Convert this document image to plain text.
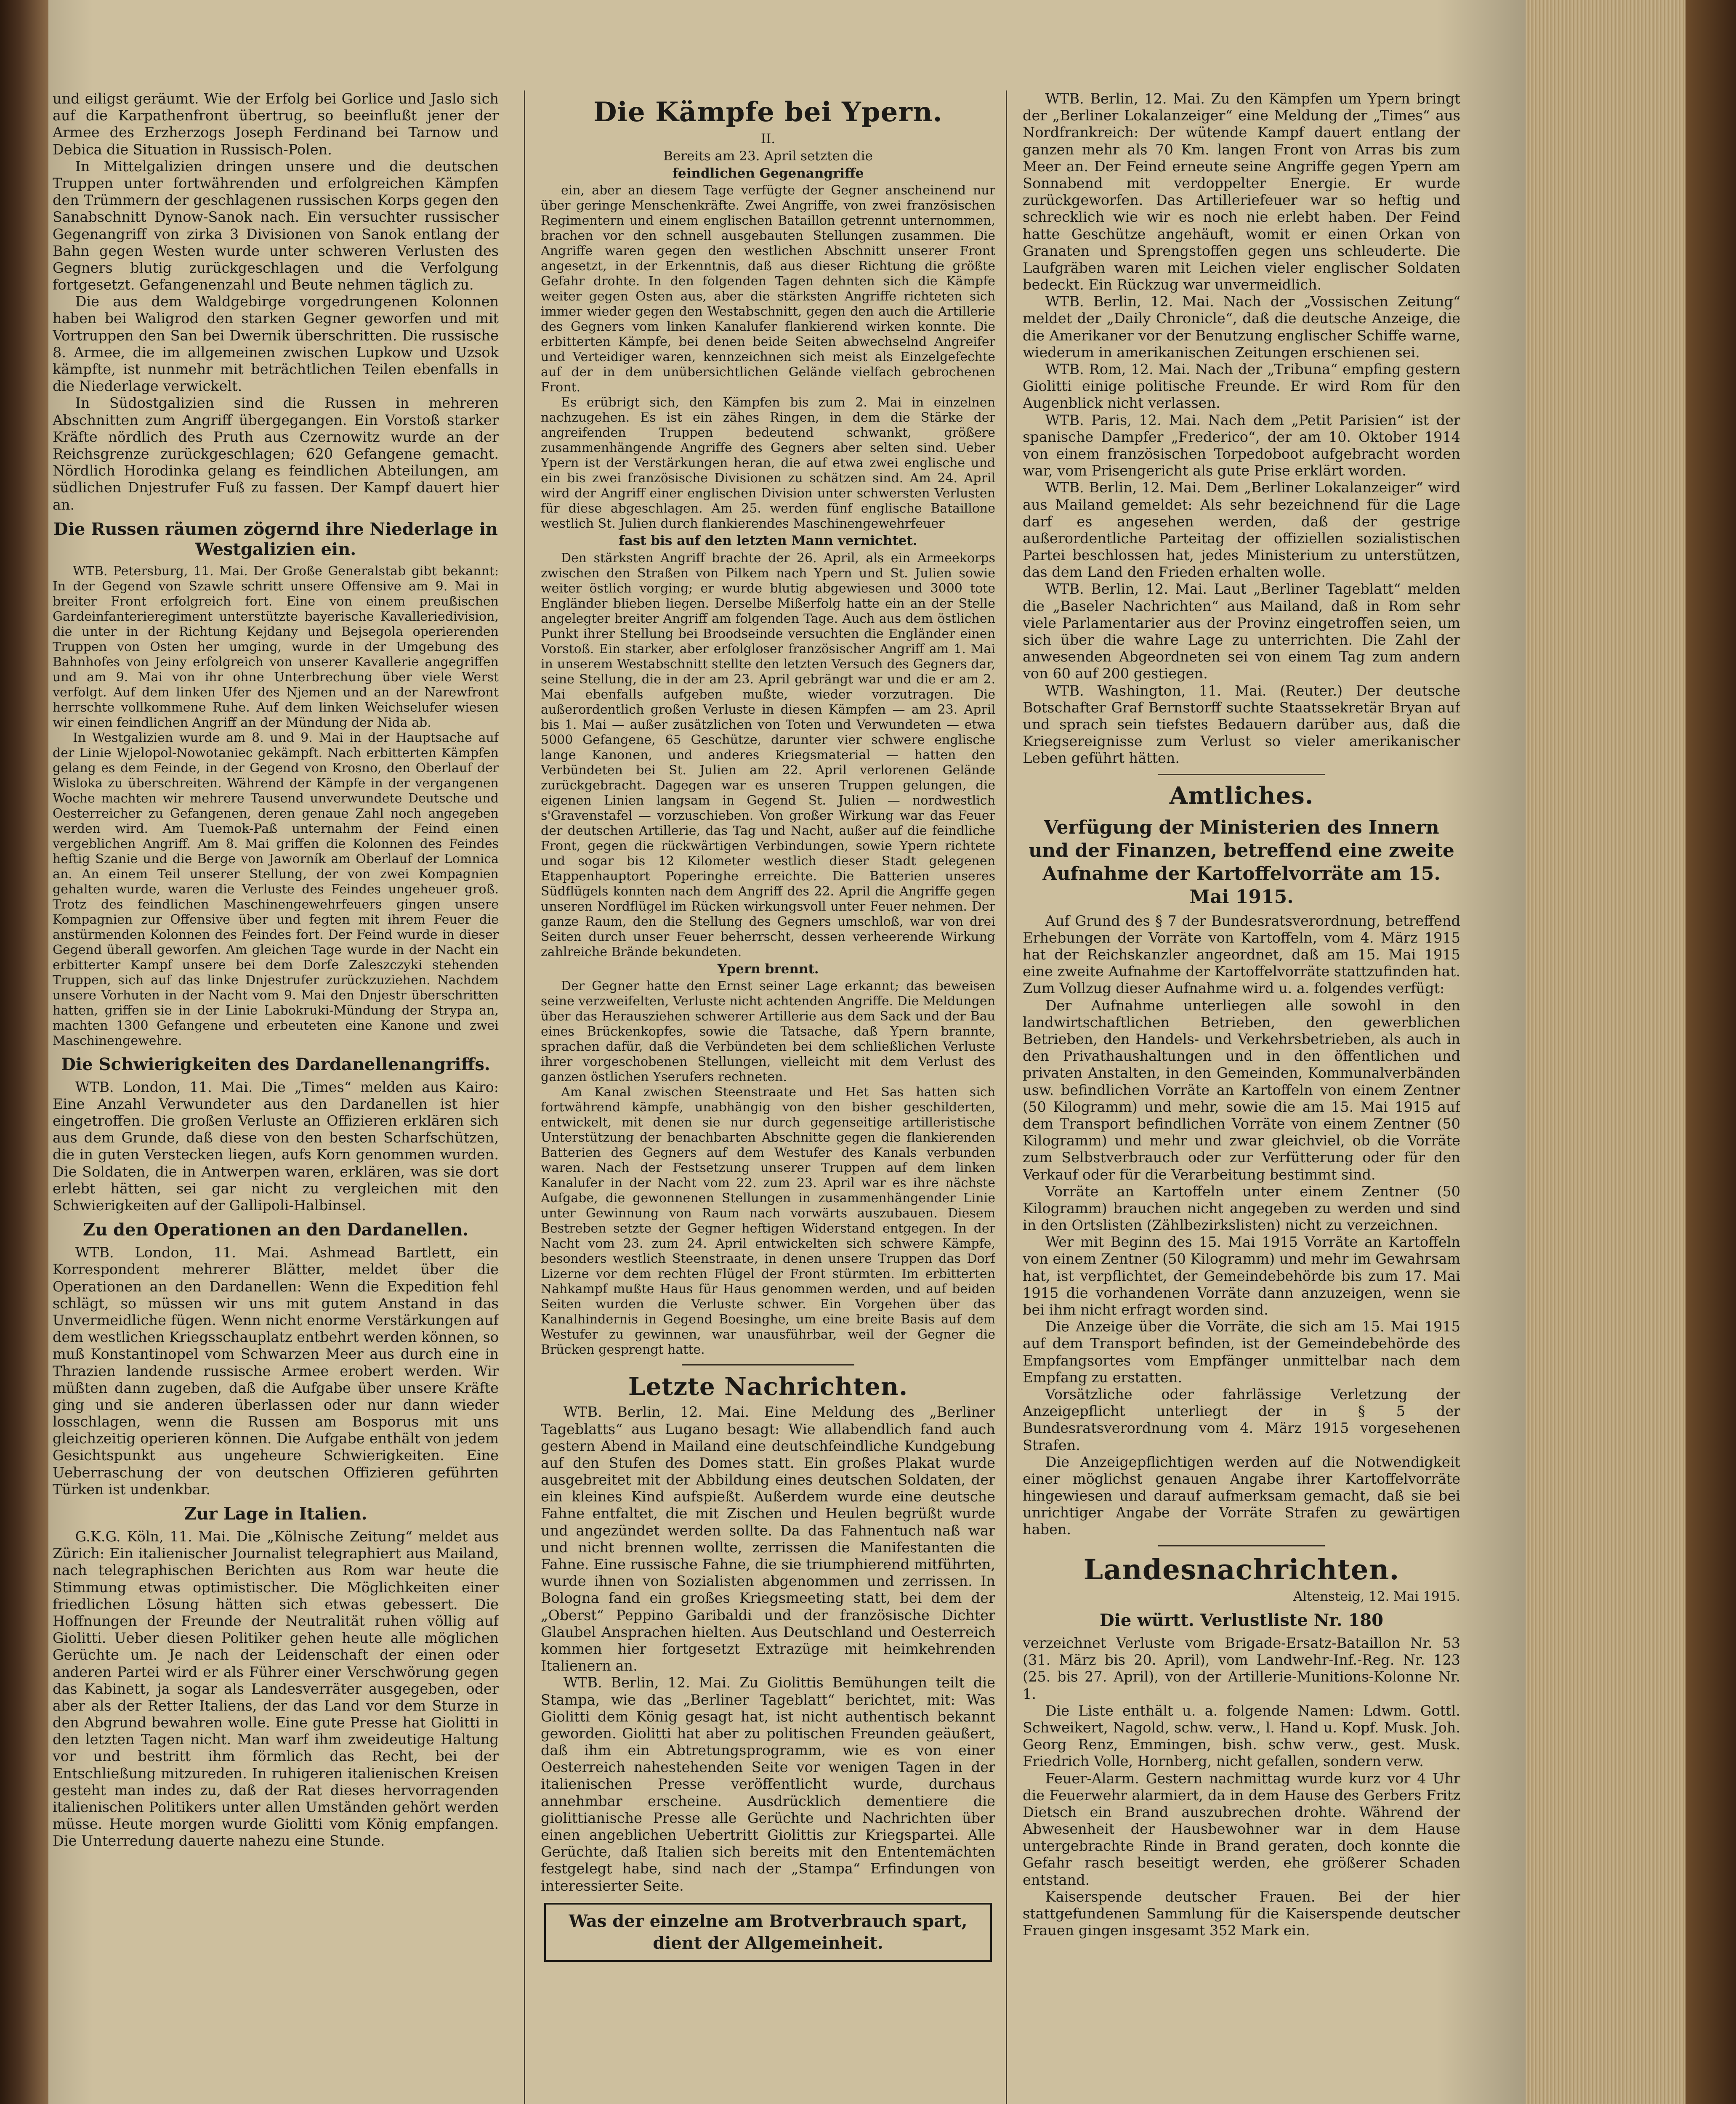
und eiligst geräumt. Wie der Erfolg bei Gorlice und Jaslo sich auf die Karpathenfront übertrug, so beeinflußt jener der Armee des Erzherzogs Joseph Ferdinand bei Tarnow und Debica die Situation in Russisch-Polen.

In Mittelgalizien dringen unsere und die deutschen Truppen unter fortwährenden und erfolgreichen Kämpfen den Trümmern der geschlagenen russischen Korps gegen den Sanabschnitt Dynow-Sanok nach. Ein versuchter russischer Gegenangriff von zirka 3 Divisionen von Sanok entlang der Bahn gegen Westen wurde unter schweren Verlusten des Gegners blutig zurückgeschlagen und die Verfolgung fortgesetzt. Gefangenenzahl und Beute nehmen täglich zu.

Die aus dem Waldgebirge vorgedrungenen Kolonnen haben bei Waligrod den starken Gegner geworfen und mit Vortruppen den San bei Dwernik überschritten. Die russische 8. Armee, die im allgemeinen zwischen Lupkow und Uzsok kämpfte, ist nunmehr mit beträchtlichen Teilen ebenfalls in die Niederlage verwickelt.

In Südostgalizien sind die Russen in mehreren Abschnitten zum Angriff übergegangen. Ein Vorstoß starker Kräfte nördlich des Pruth aus Czernowitz wurde an der Reichsgrenze zurückgeschlagen; 620 Gefangene gemacht. Nördlich Horodinka gelang es feindlichen Abteilungen, am südlichen Dnjestrufer Fuß zu fassen. Der Kampf dauert hier an.

Die Russen räumen zögernd ihre Niederlage in Westgalizien ein.

WTB. Petersburg, 11. Mai. Der Große Generalstab gibt bekannt: In der Gegend von Szawle schritt unsere Offensive am 9. Mai in breiter Front erfolgreich fort. Eine von einem preußischen Gardeinfanterieregiment unterstützte bayerische Kavalleriedivision, die unter in der Richtung Kejdany und Bejsegola operierenden Truppen von Osten her umging, wurde in der Umgebung des Bahnhofes von Jeiny erfolgreich von unserer Kavallerie angegriffen und am 9. Mai von ihr ohne Unterbrechung über viele Werst verfolgt. Auf dem linken Ufer des Njemen und an der Narewfront herrschte vollkommene Ruhe. Auf dem linken Weichselufer wiesen wir einen feindlichen Angriff an der Mündung der Nida ab.

In Westgalizien wurde am 8. und 9. Mai in der Hauptsache auf der Linie Wjelopol-Nowotaniec gekämpft. Nach erbitterten Kämpfen gelang es dem Feinde, in der Gegend von Krosno, den Oberlauf der Wisloka zu überschreiten. Während der Kämpfe in der vergangenen Woche machten wir mehrere Tausend unverwundete Deutsche und Oesterreicher zu Gefangenen, deren genaue Zahl noch angegeben werden wird. Am Tuemok-Paß unternahm der Feind einen vergeblichen Angriff. Am 8. Mai griffen die Kolonnen des Feindes heftig Szanie und die Berge von Jaworník am Oberlauf der Lomnica an. An einem Teil unserer Stellung, der von zwei Kompagnien gehalten wurde, waren die Verluste des Feindes ungeheuer groß. Trotz des feindlichen Maschinengewehrfeuers gingen unsere Kompagnien zur Offensive über und fegten mit ihrem Feuer die anstürmenden Kolonnen des Feindes fort. Der Feind wurde in dieser Gegend überall geworfen. Am gleichen Tage wurde in der Nacht ein erbitterter Kampf unsere bei dem Dorfe Zaleszczyki stehenden Truppen, sich auf das linke Dnjestrufer zurückzuziehen. Nachdem unsere Vorhuten in der Nacht vom 9. Mai den Dnjestr überschritten hatten, griffen sie in der Linie Labokruki-Mündung der Strypa an, machten 1300 Gefangene und erbeuteten eine Kanone und zwei Maschinengewehre.

Die Schwierigkeiten des Dardanellenangriffs.

WTB. London, 11. Mai. Die „Times“ melden aus Kairo: Eine Anzahl Verwundeter aus den Dardanellen ist hier eingetroffen. Die großen Verluste an Offizieren erklären sich aus dem Grunde, daß diese von den besten Scharfschützen, die in guten Verstecken liegen, aufs Korn genommen wurden. Die Soldaten, die in Antwerpen waren, erklären, was sie dort erlebt hätten, sei gar nicht zu vergleichen mit den Schwierigkeiten auf der Gallipoli-Halbinsel.

Zu den Operationen an den Dardanellen.

WTB. London, 11. Mai. Ashmead Bartlett, ein Korrespondent mehrerer Blätter, meldet über die Operationen an den Dardanellen: Wenn die Expedition fehl schlägt, so müssen wir uns mit gutem Anstand in das Unvermeidliche fügen. Wenn nicht enorme Verstärkungen auf dem westlichen Kriegsschauplatz entbehrt werden können, so muß Konstantinopel vom Schwarzen Meer aus durch eine in Thrazien landende russische Armee erobert werden. Wir müßten dann zugeben, daß die Aufgabe über unsere Kräfte ging und sie anderen überlassen oder nur dann wieder losschlagen, wenn die Russen am Bosporus mit uns gleichzeitig operieren können. Die Aufgabe enthält von jedem Gesichtspunkt aus ungeheure Schwierigkeiten. Eine Ueberraschung der von deutschen Offizieren geführten Türken ist undenkbar.

Zur Lage in Italien.

G.K.G. Köln, 11. Mai. Die „Kölnische Zeitung“ meldet aus Zürich: Ein italienischer Journalist telegraphiert aus Mailand, nach telegraphischen Berichten aus Rom war heute die Stimmung etwas optimistischer. Die Möglichkeiten einer friedlichen Lösung hätten sich etwas gebessert. Die Hoffnungen der Freunde der Neutralität ruhen völlig auf Giolitti. Ueber diesen Politiker gehen heute alle möglichen Gerüchte um. Je nach der Leidenschaft der einen oder anderen Partei wird er als Führer einer Verschwörung gegen das Kabinett, ja sogar als Landesverräter ausgegeben, oder aber als der Retter Italiens, der das Land vor dem Sturze in den Abgrund bewahren wolle. Eine gute Presse hat Giolitti in den letzten Tagen nicht. Man warf ihm zweideutige Haltung vor und bestritt ihm förmlich das Recht, bei der Entschließung mitzureden. In ruhigeren italienischen Kreisen gesteht man indes zu, daß der Rat dieses hervorragenden italienischen Politikers unter allen Umständen gehört werden müsse. Heute morgen wurde Giolitti vom König empfangen. Die Unterredung dauerte nahezu eine Stunde.

Die Kämpfe bei Ypern.
II.
Bereits am 23. April setzten die
feindlichen Gegenangriffe

ein, aber an diesem Tage verfügte der Gegner anscheinend nur über geringe Menschenkräfte. Zwei Angriffe, von zwei französischen Regimentern und einem englischen Bataillon getrennt unternommen, brachen vor den schnell ausgebauten Stellungen zusammen. Die Angriffe waren gegen den westlichen Abschnitt unserer Front angesetzt, in der Erkenntnis, daß aus dieser Richtung die größte Gefahr drohte. In den folgenden Tagen dehnten sich die Kämpfe weiter gegen Osten aus, aber die stärksten Angriffe richteten sich immer wieder gegen den Westabschnitt, gegen den auch die Artillerie des Gegners vom linken Kanalufer flankierend wirken konnte. Die erbitterten Kämpfe, bei denen beide Seiten abwechselnd Angreifer und Verteidiger waren, kennzeichnen sich meist als Einzelgefechte auf der in dem unübersichtlichen Gelände vielfach gebrochenen Front.

Es erübrigt sich, den Kämpfen bis zum 2. Mai in einzelnen nachzugehen. Es ist ein zähes Ringen, in dem die Stärke der angreifenden Truppen bedeutend schwankt, größere zusammenhängende Angriffe des Gegners aber selten sind. Ueber Ypern ist der Verstärkungen heran, die auf etwa zwei englische und ein bis zwei französische Divisionen zu schätzen sind. Am 24. April wird der Angriff einer englischen Division unter schwersten Verlusten für diese abgeschlagen. Am 25. werden fünf englische Bataillone westlich St. Julien durch flankierendes Maschinengewehrfeuer

fast bis auf den letzten Mann vernichtet.

Den stärksten Angriff brachte der 26. April, als ein Armeekorps zwischen den Straßen von Pilkem nach Ypern und St. Julien sowie weiter östlich vorging; er wurde blutig abgewiesen und 3000 tote Engländer blieben liegen. Derselbe Mißerfolg hatte ein an der Stelle angelegter breiter Angriff am folgenden Tage. Auch aus dem östlichen Punkt ihrer Stellung bei Broodseinde versuchten die Engländer einen Vorstoß. Ein starker, aber erfolgloser französischer Angriff am 1. Mai in unserem Westabschnitt stellte den letzten Versuch des Gegners dar, seine Stellung, die in der am 23. April gebrängt war und die er am 2. Mai ebenfalls aufgeben mußte, wieder vorzutragen. Die außerordentlich großen Verluste in diesen Kämpfen — am 23. April bis 1. Mai — außer zusätzlichen von Toten und Verwundeten — etwa 5000 Gefangene, 65 Geschütze, darunter vier schwere englische lange Kanonen, und anderes Kriegsmaterial — hatten den Verbündeten bei St. Julien am 22. April verlorenen Gelände zurückgebracht. Dagegen war es unseren Truppen gelungen, die eigenen Linien langsam in Gegend St. Julien — nordwestlich s'Gravenstafel — vorzuschieben. Von großer Wirkung war das Feuer der deutschen Artillerie, das Tag und Nacht, außer auf die feindliche Front, gegen die rückwärtigen Verbindungen, sowie Ypern richtete und sogar bis 12 Kilometer westlich dieser Stadt gelegenen Etappenhauptort Poperinghe erreichte. Die Batterien unseres Südflügels konnten nach dem Angriff des 22. April die Angriffe gegen unseren Nordflügel im Rücken wirkungsvoll unter Feuer nehmen. Der ganze Raum, den die Stellung des Gegners umschloß, war von drei Seiten durch unser Feuer beherrscht, dessen verheerende Wirkung zahlreiche Brände bekundeten.

Ypern brennt.

Der Gegner hatte den Ernst seiner Lage erkannt; das beweisen seine verzweifelten, Verluste nicht achtenden Angriffe. Die Meldungen über das Herausziehen schwerer Artillerie aus dem Sack und der Bau eines Brückenkopfes, sowie die Tatsache, daß Ypern brannte, sprachen dafür, daß die Verbündeten bei dem schließlichen Verluste ihrer vorgeschobenen Stellungen, vielleicht mit dem Verlust des ganzen östlichen Yserufers rechneten.

Am Kanal zwischen Steenstraate und Het Sas hatten sich fortwährend kämpfe, unabhängig von den bisher geschilderten, entwickelt, mit denen sie nur durch gegenseitige artilleristische Unterstützung der benachbarten Abschnitte gegen die flankierenden Batterien des Gegners auf dem Westufer des Kanals verbunden waren. Nach der Festsetzung unserer Truppen auf dem linken Kanalufer in der Nacht vom 22. zum 23. April war es ihre nächste Aufgabe, die gewonnenen Stellungen in zusammenhängender Linie unter Gewinnung von Raum nach vorwärts auszubauen. Diesem Bestreben setzte der Gegner heftigen Widerstand entgegen. In der Nacht vom 23. zum 24. April entwickelten sich schwere Kämpfe, besonders westlich Steenstraate, in denen unsere Truppen das Dorf Lizerne vor dem rechten Flügel der Front stürmten. Im erbitterten Nahkampf mußte Haus für Haus genommen werden, und auf beiden Seiten wurden die Verluste schwer. Ein Vorgehen über das Kanalhindernis in Gegend Boesinghe, um eine breite Basis auf dem Westufer zu gewinnen, war unausführbar, weil der Gegner die Brücken gesprengt hatte.

Letzte Nachrichten.

WTB. Berlin, 12. Mai. Eine Meldung des „Berliner Tageblatts“ aus Lugano besagt: Wie allabendlich fand auch gestern Abend in Mailand eine deutschfeindliche Kundgebung auf den Stufen des Domes statt. Ein großes Plakat wurde ausgebreitet mit der Abbildung eines deutschen Soldaten, der ein kleines Kind aufspießt. Außerdem wurde eine deutsche Fahne entfaltet, die mit Zischen und Heulen begrüßt wurde und angezündet werden sollte. Da das Fahnentuch naß war und nicht brennen wollte, zerrissen die Manifestanten die Fahne. Eine russische Fahne, die sie triumphierend mitführten, wurde ihnen von Sozialisten abgenommen und zerrissen. In Bologna fand ein großes Kriegsmeeting statt, bei dem der „Oberst“ Peppino Garibaldi und der französische Dichter Glaubel Ansprachen hielten. Aus Deutschland und Oesterreich kommen hier fortgesetzt Extrazüge mit heimkehrenden Italienern an.

WTB. Berlin, 12. Mai. Zu Giolittis Bemühungen teilt die Stampa, wie das „Berliner Tageblatt“ berichtet, mit: Was Giolitti dem König gesagt hat, ist nicht authentisch bekannt geworden. Giolitti hat aber zu politischen Freunden geäußert, daß ihm ein Abtretungsprogramm, wie es von einer Oesterreich nahestehenden Seite vor wenigen Tagen in der italienischen Presse veröffentlicht wurde, durchaus annehmbar erscheine. Ausdrücklich dementiere die giolittianische Presse alle Gerüchte und Nachrichten über einen angeblichen Uebertritt Giolittis zur Kriegspartei. Alle Gerüchte, daß Italien sich bereits mit den Ententemächten festgelegt habe, sind nach der „Stampa“ Erfindungen von interessierter Seite.

Was der einzelne am Brotverbrauch spart,
dient der Allgemeinheit.

WTB. Berlin, 12. Mai. Zu den Kämpfen um Ypern bringt der „Berliner Lokalanzeiger“ eine Meldung der „Times“ aus Nordfrankreich: Der wütende Kampf dauert entlang der ganzen mehr als 70 Km. langen Front von Arras bis zum Meer an. Der Feind erneute seine Angriffe gegen Ypern am Sonnabend mit verdoppelter Energie. Er wurde zurückgeworfen. Das Artilleriefeuer war so heftig und schrecklich wie wir es noch nie erlebt haben. Der Feind hatte Geschütze angehäuft, womit er einen Orkan von Granaten und Sprengstoffen gegen uns schleuderte. Die Laufgräben waren mit Leichen vieler englischer Soldaten bedeckt. Ein Rückzug war unvermeidlich.

WTB. Berlin, 12. Mai. Nach der „Vossischen Zeitung“ meldet der „Daily Chronicle“, daß die deutsche Anzeige, die die Amerikaner vor der Benutzung englischer Schiffe warne, wiederum in amerikanischen Zeitungen erschienen sei.

WTB. Rom, 12. Mai. Nach der „Tribuna“ empfing gestern Giolitti einige politische Freunde. Er wird Rom für den Augenblick nicht verlassen.

WTB. Paris, 12. Mai. Nach dem „Petit Parisien“ ist der spanische Dampfer „Frederico“, der am 10. Oktober 1914 von einem französischen Torpedoboot aufgebracht worden war, vom Prisengericht als gute Prise erklärt worden.

WTB. Berlin, 12. Mai. Dem „Berliner Lokalanzeiger“ wird aus Mailand gemeldet: Als sehr bezeichnend für die Lage darf es angesehen werden, daß der gestrige außerordentliche Parteitag der offiziellen sozialistischen Partei beschlossen hat, jedes Ministerium zu unterstützen, das dem Land den Frieden erhalten wolle.

WTB. Berlin, 12. Mai. Laut „Berliner Tageblatt“ melden die „Baseler Nachrichten“ aus Mailand, daß in Rom sehr viele Parlamentarier aus der Provinz eingetroffen seien, um sich über die wahre Lage zu unterrichten. Die Zahl der anwesenden Abgeordneten sei von einem Tag zum andern von 60 auf 200 gestiegen.

WTB. Washington, 11. Mai. (Reuter.) Der deutsche Botschafter Graf Bernstorff suchte Staatssekretär Bryan auf und sprach sein tiefstes Bedauern darüber aus, daß die Kriegsereignisse zum Verlust so vieler amerikanischer Leben geführt hätten.

Amtliches.
Verfügung der Ministerien des Innern und der Finanzen, betreffend eine zweite Aufnahme der Kartoffelvorräte am 15. Mai 1915.

Auf Grund des § 7 der Bundesratsverordnung, betreffend Erhebungen der Vorräte von Kartoffeln, vom 4. März 1915 hat der Reichskanzler angeordnet, daß am 15. Mai 1915 eine zweite Aufnahme der Kartoffelvorräte stattzufinden hat. Zum Vollzug dieser Aufnahme wird u. a. folgendes verfügt:

Der Aufnahme unterliegen alle sowohl in den landwirtschaftlichen Betrieben, den gewerblichen Betrieben, den Handels- und Verkehrsbetrieben, als auch in den Privathaushaltungen und in den öffentlichen und privaten Anstalten, in den Gemeinden, Kommunalverbänden usw. befindlichen Vorräte an Kartoffeln von einem Zentner (50 Kilogramm) und mehr, sowie die am 15. Mai 1915 auf dem Transport befindlichen Vorräte von einem Zentner (50 Kilogramm) und mehr und zwar gleichviel, ob die Vorräte zum Selbstverbrauch oder zur Verfütterung oder für den Verkauf oder für die Verarbeitung bestimmt sind.

Vorräte an Kartoffeln unter einem Zentner (50 Kilogramm) brauchen nicht angegeben zu werden und sind in den Ortslisten (Zählbezirkslisten) nicht zu verzeichnen.

Wer mit Beginn des 15. Mai 1915 Vorräte an Kartoffeln von einem Zentner (50 Kilogramm) und mehr im Gewahrsam hat, ist verpflichtet, der Gemeindebehörde bis zum 17. Mai 1915 die vorhandenen Vorräte dann anzuzeigen, wenn sie bei ihm nicht erfragt worden sind.

Die Anzeige über die Vorräte, die sich am 15. Mai 1915 auf dem Transport befinden, ist der Gemeindebehörde des Empfangsortes vom Empfänger unmittelbar nach dem Empfang zu erstatten.

Vorsätzliche oder fahrlässige Verletzung der Anzeigepflicht unterliegt der in § 5 der Bundesratsverordnung vom 4. März 1915 vorgesehenen Strafen.

Die Anzeigepflichtigen werden auf die Notwendigkeit einer möglichst genauen Angabe ihrer Kartoffelvorräte hingewiesen und darauf aufmerksam gemacht, daß sie bei unrichtiger Angabe der Vorräte Strafen zu gewärtigen haben.

Landesnachrichten.
Altensteig, 12. Mai 1915.
Die württ. Verlustliste Nr. 180

verzeichnet Verluste vom Brigade-Ersatz-Bataillon Nr. 53 (31. März bis 20. April), vom Landwehr-Inf.-Reg. Nr. 123 (25. bis 27. April), von der Artillerie-Munitions-Kolonne Nr. 1.

Die Liste enthält u. a. folgende Namen: Ldwm. Gottl. Schweikert, Nagold, schw. verw., l. Hand u. Kopf. Musk. Joh. Georg Renz, Emmingen, bish. schw verw., gest. Musk. Friedrich Volle, Hornberg, nicht gefallen, sondern verw.

Feuer-Alarm. Gestern nachmittag wurde kurz vor 4 Uhr die Feuerwehr alarmiert, da in dem Hause des Gerbers Fritz Dietsch ein Brand auszubrechen drohte. Während der Abwesenheit der Hausbewohner war in dem Hause untergebrachte Rinde in Brand geraten, doch konnte die Gefahr rasch beseitigt werden, ehe größerer Schaden entstand.

Kaiserspende deutscher Frauen. Bei der hier stattgefundenen Sammlung für die Kaiserspende deutscher Frauen gingen insgesamt 352 Mark ein.
